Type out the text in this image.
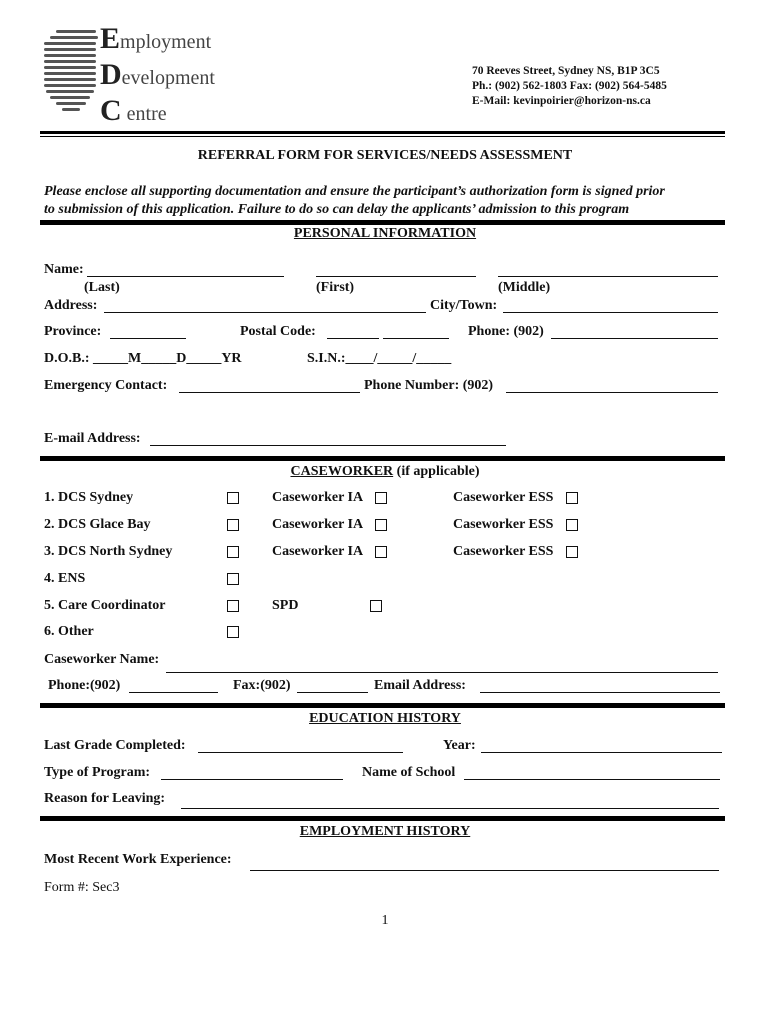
Employment
Development
C entre
70 Reeves Street, Sydney NS, B1P 3C5
Ph.: (902) 562-1803 Fax: (902) 564-5485
E-Mail: kevinpoirier@horizon-ns.ca
REFERRAL FORM FOR SERVICES/NEEDS ASSESSMENT
Please enclose all supporting documentation and ensure the participant’s authorization form is signed prior
to submission of this application. Failure to do so can delay the applicants’ admission to this program
PERSONAL INFORMATION
Name:
(Last)	(First)	(Middle)
Address:	City/Town:
Province:	Postal Code:	Phone: (902)
D.O.B.: _____M_____D_____YR	S.I.N.:____/_____/_____
Emergency Contact:	Phone Number: (902)
E-mail Address:
CASEWORKER (if applicable)
1. DCS Sydney	Caseworker IA	Caseworker ESS
2. DCS Glace Bay	Caseworker IA	Caseworker ESS
3. DCS North Sydney	Caseworker IA	Caseworker ESS
4. ENS
5. Care Coordinator	SPD
6. Other
Caseworker Name:
Phone:(902)	Fax:(902)	Email Address:
EDUCATION HISTORY
Last Grade Completed:	Year:
Type of Program:	Name of School
Reason for Leaving:
EMPLOYMENT HISTORY
Most Recent Work Experience:
Form #: Sec3
1
